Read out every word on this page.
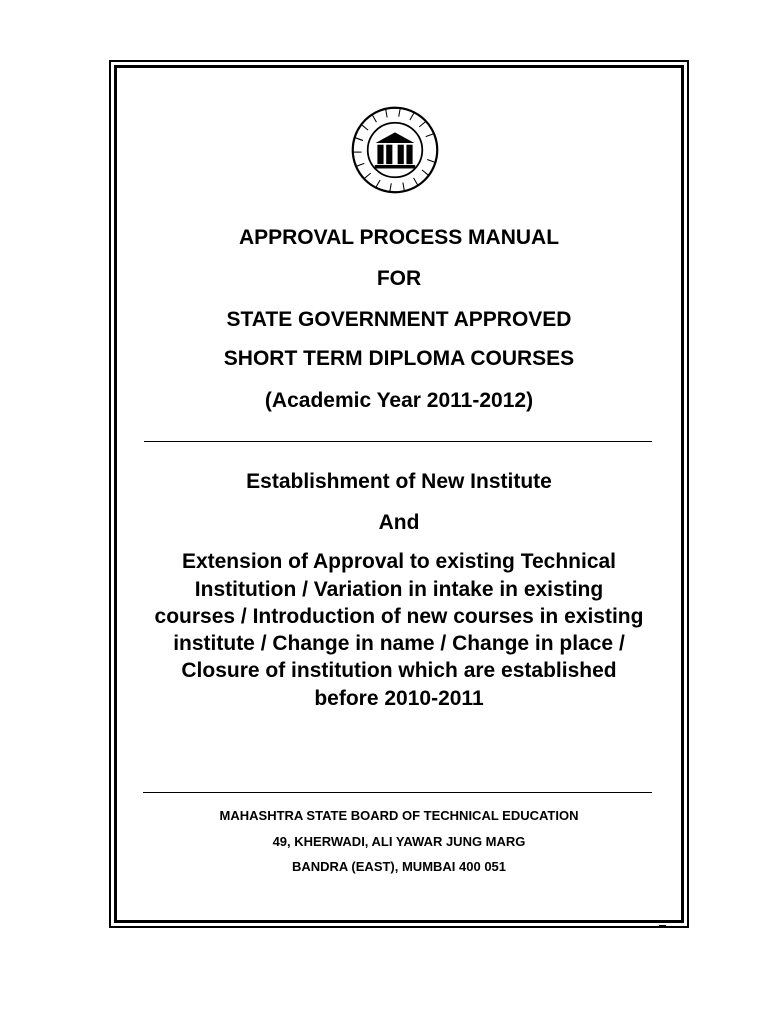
APPROVAL PROCESS MANUAL
FOR
STATE GOVERNMENT APPROVED
SHORT TERM DIPLOMA COURSES
(Academic Year 2011-2012)
Establishment of New Institute
And
Extension of Approval to existing Technical
Institution / Variation in intake in existing
courses / Introduction of new courses in existing
institute / Change in name / Change in place /
Closure of institution which are established
before 2010-2011
MAHASHTRA STATE BOARD OF TECHNICAL EDUCATION
49, KHERWADI, ALI YAWAR JUNG MARG
BANDRA (EAST), MUMBAI 400 051
